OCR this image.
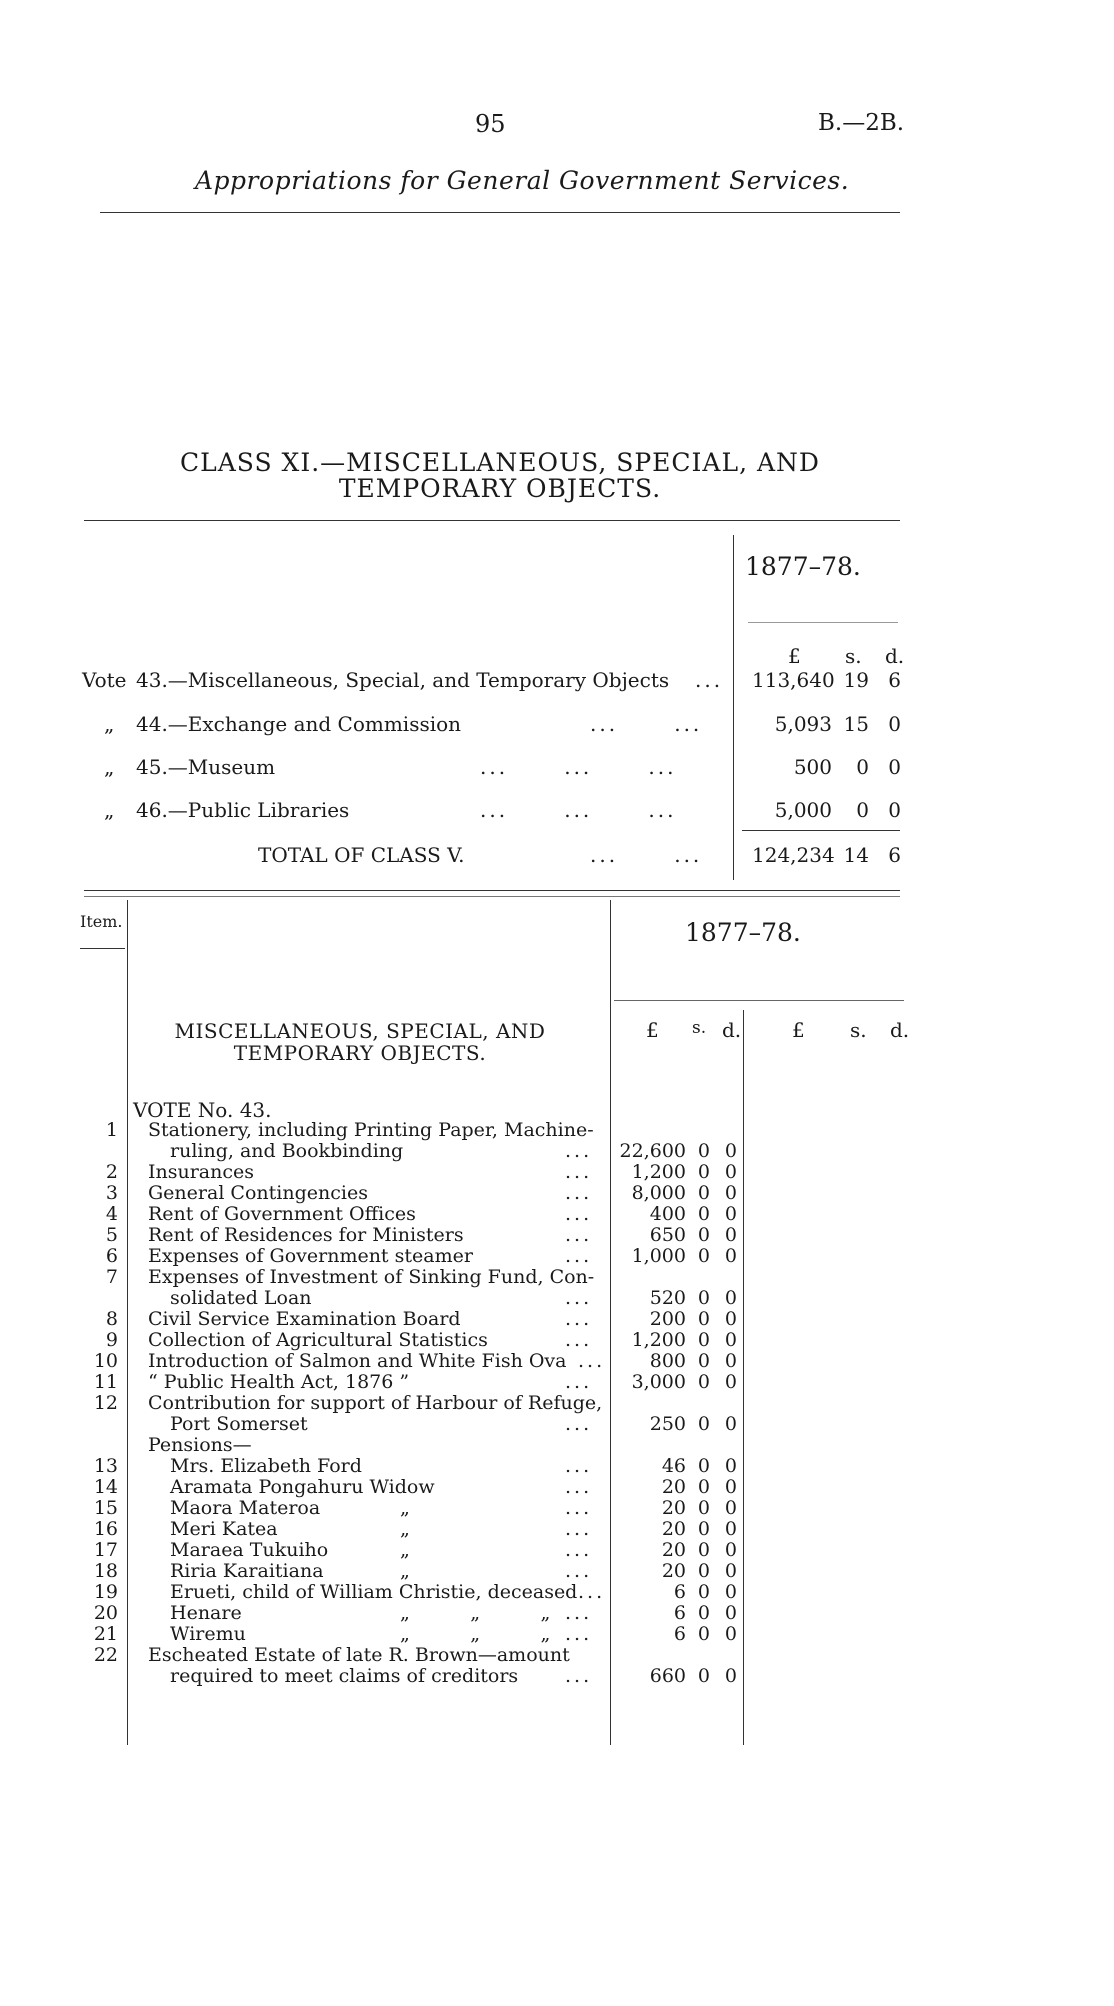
95	B.—2B.
Appropriations for General Government Services.
CLASS XI.—MISCELLANEOUS, SPECIAL, AND TEMPORARY OBJECTS.
1877–78.
£ s. d.
Vote 43.—Miscellaneous, Special, and Temporary Objects ... 113,640 19 6
„ 44.—Exchange and Commission	...      ...	5,093 15 0
„ 45.—Museum	...      ...      ...	500	0 0
„ 46.—Public Libraries	...      ...      ...	5,000	0 0
TOTAL OF CLASS V.	...      ... 124,234 14 6
Item.	1877–78.
£ s. d.	£ s. d.
MISCELLANEOUS, SPECIAL, AND TEMPORARY OBJECTS.
VOTE No. 43.
1 Stationery, including Printing Paper, Machine-
ruling, and Bookbinding	...	22,600 0 0
2 Insurances	...	1,200 0 0
3 General Contingencies	...	8,000 0 0
4 Rent of Government Offices	...	400 0 0
5 Rent of Residences for Ministers	...	650 0 0
6 Expenses of Government steamer	...	1,000 0 0
7 Expenses of Investment of Sinking Fund, Con-
solidated Loan	...	520 0 0
8 Civil Service Examination Board	...	200 0 0
9 Collection of Agricultural Statistics	...	1,200 0 0
10 Introduction of Salmon and White Fish Ova ...	800 0 0
11 “ Public Health Act, 1876 ”	...	3,000 0 0
12 Contribution for support of Harbour of Refuge,
Port Somerset	...	250 0 0
Pensions—
13	Mrs. Elizabeth Ford	...	46 0 0
14	Aramata Pongahuru Widow	...	20 0 0
15	Maora Materoa	„	...	20 0 0
16	Meri Katea	„	...	20 0 0
17	Maraea Tukuiho	„	...	20 0 0
18	Riria Karaitiana	„	...	20 0 0
19	Erueti, child of William Christie, deceased ...	6 0 0
20	Henare	„          „          „ ...	6 0 0
21	Wiremu	„          „          „ ...	6 0 0
22 Escheated Estate of late R. Brown—amount
required to meet claims of creditors ...	660 0 0
